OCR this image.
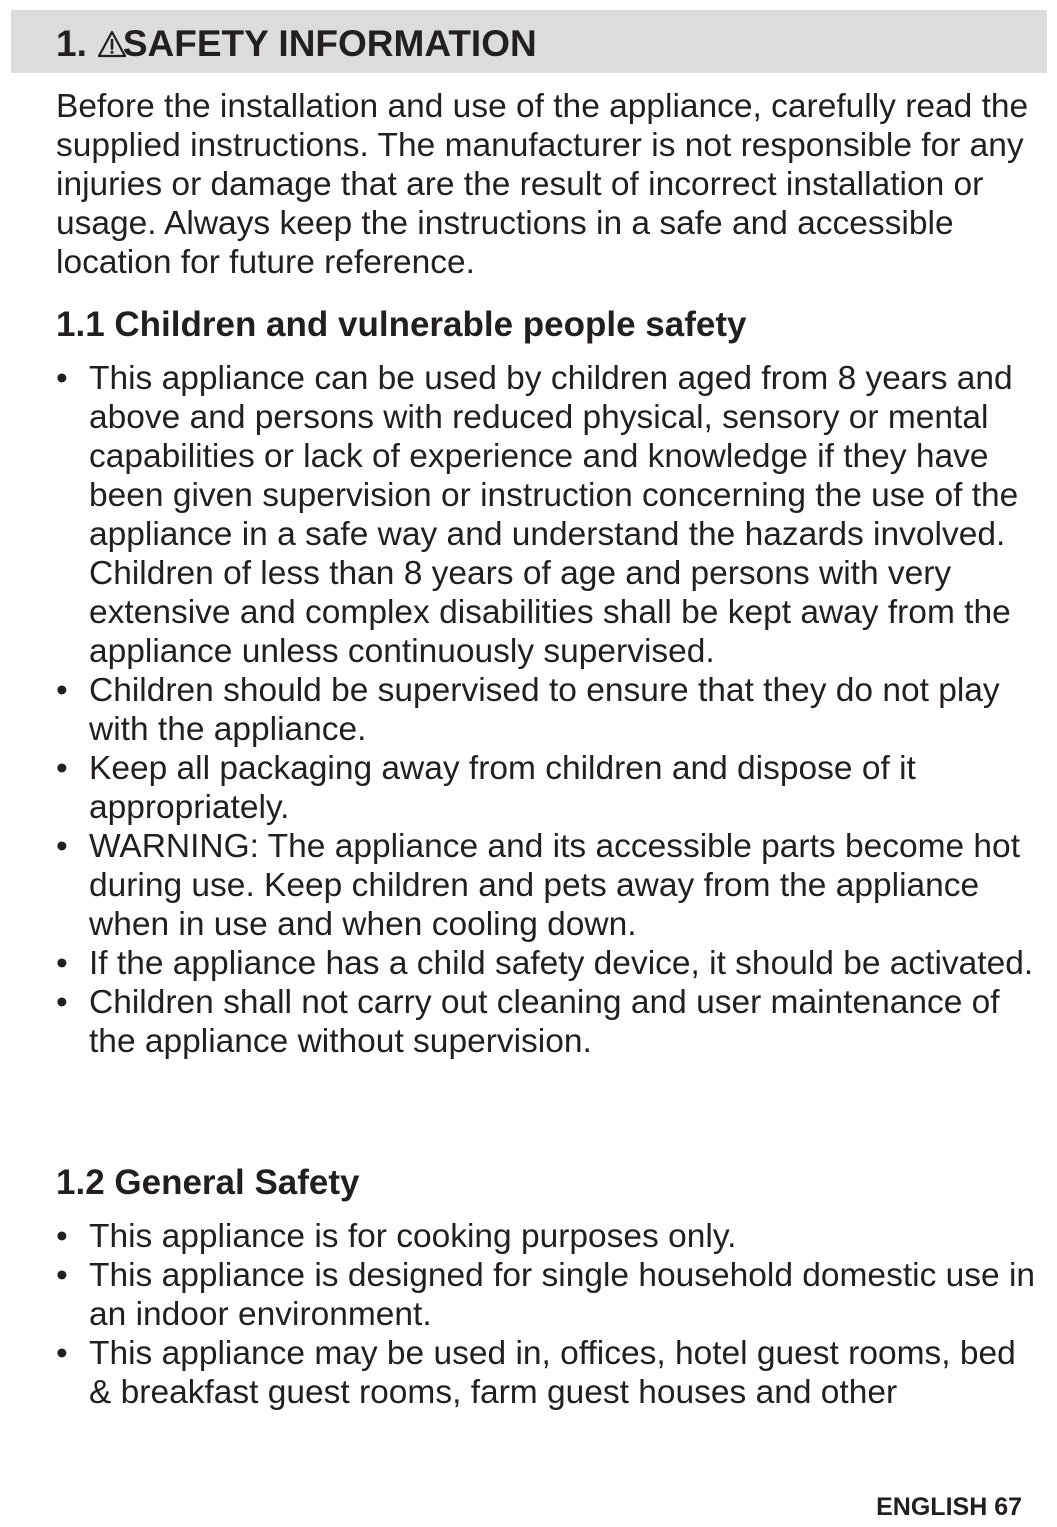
1. SAFETY INFORMATION

Before the installation and use of the appliance, carefully read the supplied instructions. The manufacturer is not responsible for any injuries or damage that are the result of incorrect installation or usage. Always keep the instructions in a safe and accessible location for future reference.

1.1 Children and vulnerable people safety
• This appliance can be used by children aged from 8 years and above and persons with reduced physical, sensory or mental capabilities or lack of experience and knowledge if they have been given supervision or instruction concerning the use of the appliance in a safe way and understand the hazards involved. Children of less than 8 years of age and persons with very extensive and complex disabilities shall be kept away from the appliance unless continuously supervised.
• Children should be supervised to ensure that they do not play with the appliance.
• Keep all packaging away from children and dispose of it appropriately.
• WARNING: The appliance and its accessible parts become hot during use. Keep children and pets away from the appliance when in use and when cooling down.
• If the appliance has a child safety device, it should be activated.
• Children shall not carry out cleaning and user maintenance of the appliance without supervision.
1.2 General Safety
• This appliance is for cooking purposes only.
• This appliance is designed for single household domestic use in an indoor environment.
• This appliance may be used in, offices, hotel guest rooms, bed & breakfast guest rooms, farm guest houses and other
ENGLISH 67
